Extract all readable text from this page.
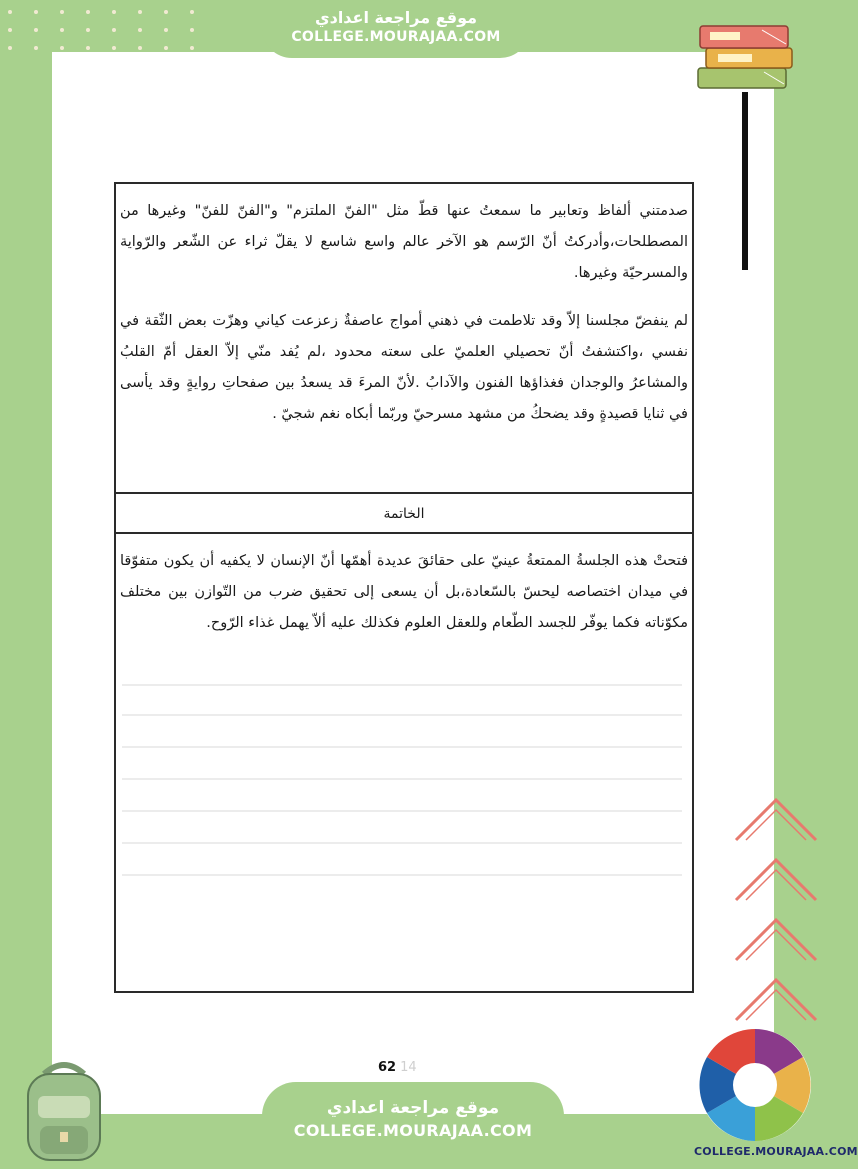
صدمتني ألفاظ وتعابير ما سمعتُ عنها قطّ مثل "الفنّ الملتزم" و"الفنّ للفنّ" وغيرها من المصطلحات،وأدركتُ أنّ الرّسم هو الآخر عالم واسع شاسع لا يقلّ ثراء عن الشّعر والرّواية والمسرحيّة وغيرها.
لم ينفضّ مجلسنا إلاّ وقد تلاطمت في ذهني أمواج عاصفةٌ زعزعت كياني وهزّت بعض الثّقة في نفسي ،واكتشفتُ أنّ تحصيلي العلميّ على سعته محدود ،لم يُفد منّي إلاّ العقل أمّ القلبُ والمشاعرُ والوجدان فغذاؤها الفنون والآدابُ .لأنّ المرءَ قد يسعدُ بين صفحاتِ روايةٍ وقد يأسى في ثنايا قصيدةٍ وقد يضحكُ من مشهد مسرحيّ وربّما أبكاه نغم شجيّ .
الخاتمة
فتحتْ هذه الجلسةُ الممتعةُ عينيّ على حقائقَ عديدة أهمّها أنّ الإنسان لا يكفيه أن يكون متفوّقا في ميدان اختصاصه ليحسّ بالسّعادة،بل أن يسعى إلى تحقيق ضرب من التّوازن بين مختلف مكوّناته فكما يوفّر للجسد الطّعام وللعقل العلوم فكذلك عليه ألاّ يهمل غذاء الرّوح.
62 14
موقع مراجعة اعدادي
COLLEGE.MOURAJAA.COM
موقع مراجعة اعدادي
COLLEGE.MOURAJAA.COM
COLLEGE.MOURAJAA.COM
